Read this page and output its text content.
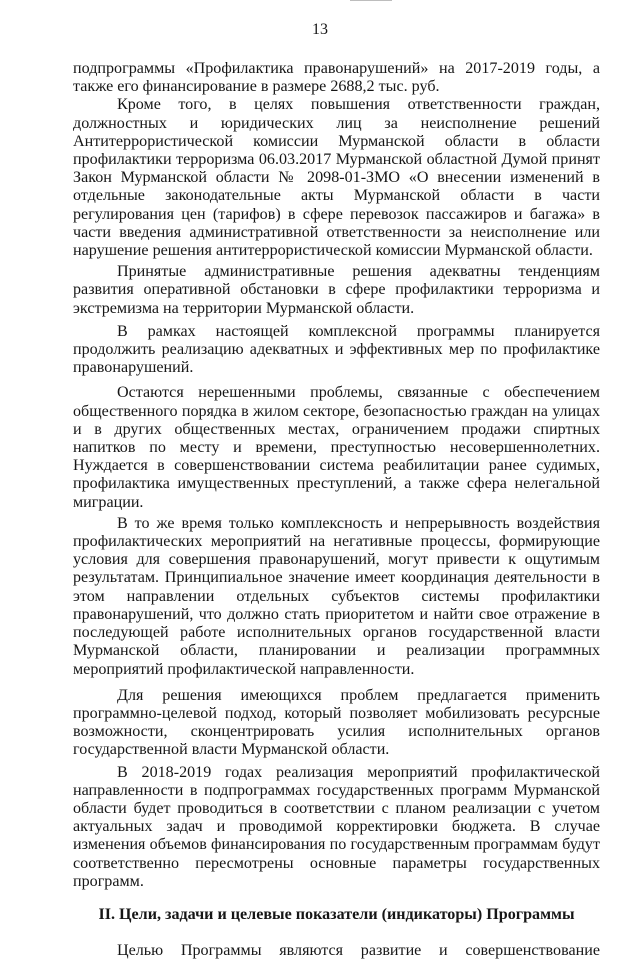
13

подпрограммы «Профилактика правонарушений» на 2017-2019 годы, а также его финансирование в размере 2688,2 тыс. руб.

Кроме того, в целях повышения ответственности граждан, должностных и юридических лиц за неисполнение решений Антитеррористической комиссии Мурманской области в области профилактики терроризма 06.03.2017 Мурманской областной Думой принят Закон Мурманской области № 2098-01-ЗМО «О внесении изменений в отдельные законодательные акты Мурманской области в части регулирования цен (тарифов) в сфере перевозок пассажиров и багажа» в части введения административной ответственности за неисполнение или нарушение решения антитеррористической комиссии Мурманской области.

Принятые административные решения адекватны тенденциям развития оперативной обстановки в сфере профилактики терроризма и экстремизма на территории Мурманской области.

В рамках настоящей комплексной программы планируется продолжить реализацию адекватных и эффективных мер по профилактике правонарушений.

Остаются нерешенными проблемы, связанные с обеспечением общественного порядка в жилом секторе, безопасностью граждан на улицах и в других общественных местах, ограничением продажи спиртных напитков по месту и времени, преступностью несовершеннолетних. Нуждается в совершенствовании система реабилитации ранее судимых, профилактика имущественных преступлений, а также сфера нелегальной миграции.

В то же время только комплексность и непрерывность воздействия профилактических мероприятий на негативные процессы, формирующие условия для совершения правонарушений, могут привести к ощутимым результатам. Принципиальное значение имеет координация деятельности в этом направлении отдельных субъектов системы профилактики правонарушений, что должно стать приоритетом и найти свое отражение в последующей работе исполнительных органов государственной власти Мурманской области, планировании и реализации программных мероприятий профилактической направленности.

Для решения имеющихся проблем предлагается применить программно-целевой подход, который позволяет мобилизовать ресурсные возможности, сконцентрировать усилия исполнительных органов государственной власти Мурманской области.

В 2018-2019 годах реализация мероприятий профилактической направленности в подпрограммах государственных программ Мурманской области будет проводиться в соответствии с планом реализации с учетом актуальных задач и проводимой корректировки бюджета. В случае изменения объемов финансирования по государственным программам будут соответственно пересмотрены основные параметры государственных программ.

II. Цели, задачи и целевые показатели (индикаторы) Программы

Целью Программы являются развитие и совершенствование
